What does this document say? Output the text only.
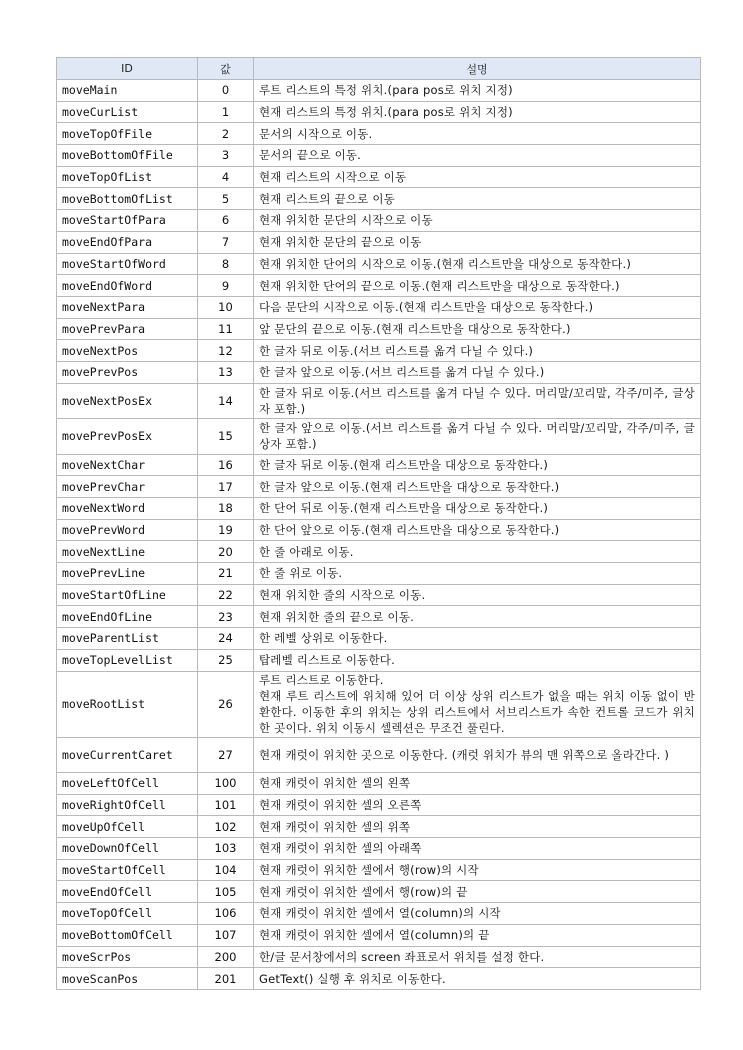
ID	값	설명
moveMain	0	루트 리스트의 특정 위치.(para pos로 위치 지정)
moveCurList	1	현재 리스트의 특정 위치.(para pos로 위치 지정)
moveTopOfFile	2	문서의 시작으로 이동.
moveBottomOfFile	3	문서의 끝으로 이동.
moveTopOfList	4	현재 리스트의 시작으로 이동
moveBottomOfList	5	현재 리스트의 끝으로 이동
moveStartOfPara	6	현재 위치한 문단의 시작으로 이동
moveEndOfPara	7	현재 위치한 문단의 끝으로 이동
moveStartOfWord	8	현재 위치한 단어의 시작으로 이동.(현재 리스트만을 대상으로 동작한다.)
moveEndOfWord	9	현재 위치한 단어의 끝으로 이동.(현재 리스트만을 대상으로 동작한다.)
moveNextPara	10	다음 문단의 시작으로 이동.(현재 리스트만을 대상으로 동작한다.)
movePrevPara	11	앞 문단의 끝으로 이동.(현재 리스트만을 대상으로 동작한다.)
moveNextPos	12	한 글자 뒤로 이동.(서브 리스트를 옮겨 다닐 수 있다.)
movePrevPos	13	한 글자 앞으로 이동.(서브 리스트를 옮겨 다닐 수 있다.)
moveNextPosEx	14	한 글자 뒤로 이동.(서브 리스트를 옮겨 다닐 수 있다. 머리말/꼬리말, 각주/미주, 글상자 포함.)
movePrevPosEx	15	한 글자 앞으로 이동.(서브 리스트를 옮겨 다닐 수 있다. 머리말/꼬리말, 각주/미주, 글상자 포함.)
moveNextChar	16	한 글자 뒤로 이동.(현재 리스트만을 대상으로 동작한다.)
movePrevChar	17	한 글자 앞으로 이동.(현재 리스트만을 대상으로 동작한다.)
moveNextWord	18	한 단어 뒤로 이동.(현재 리스트만을 대상으로 동작한다.)
movePrevWord	19	한 단어 앞으로 이동.(현재 리스트만을 대상으로 동작한다.)
moveNextLine	20	한 줄 아래로 이동.
movePrevLine	21	한 줄 위로 이동.
moveStartOfLine	22	현재 위치한 줄의 시작으로 이동.
moveEndOfLine	23	현재 위치한 줄의 끝으로 이동.
moveParentList	24	한 레벨 상위로 이동한다.
moveTopLevelList	25	탑레벨 리스트로 이동한다.
moveRootList	26	루트 리스트로 이동한다.
현재 루트 리스트에 위치해 있어 더 이상 상위 리스트가 없을 때는 위치 이동 없이 반환한다. 이동한 후의 위치는 상위 리스트에서 서브리스트가 속한 컨트롤 코드가 위치한 곳이다. 위치 이동시 셀렉션은 무조건 풀린다.
moveCurrentCaret	27	현재 캐럿이 위치한 곳으로 이동한다. (캐럿 위치가 뷰의 맨 위쪽으로 올라간다. )
moveLeftOfCell	100	현재 캐럿이 위치한 셀의 왼쪽
moveRightOfCell	101	현재 캐럿이 위치한 셀의 오른쪽
moveUpOfCell	102	현재 캐럿이 위치한 셀의 위쪽
moveDownOfCell	103	현재 캐럿이 위치한 셀의 아래쪽
moveStartOfCell	104	현재 캐럿이 위치한 셀에서 행(row)의 시작
moveEndOfCell	105	현재 캐럿이 위치한 셀에서 행(row)의 끝
moveTopOfCell	106	현재 캐럿이 위치한 셀에서 열(column)의 시작
moveBottomOfCell	107	현재 캐럿이 위치한 셀에서 열(column)의 끝
moveScrPos	200	한/글 문서창에서의 screen 좌표로서 위치를 설정 한다.
moveScanPos	201	GetText() 실행 후 위치로 이동한다.
